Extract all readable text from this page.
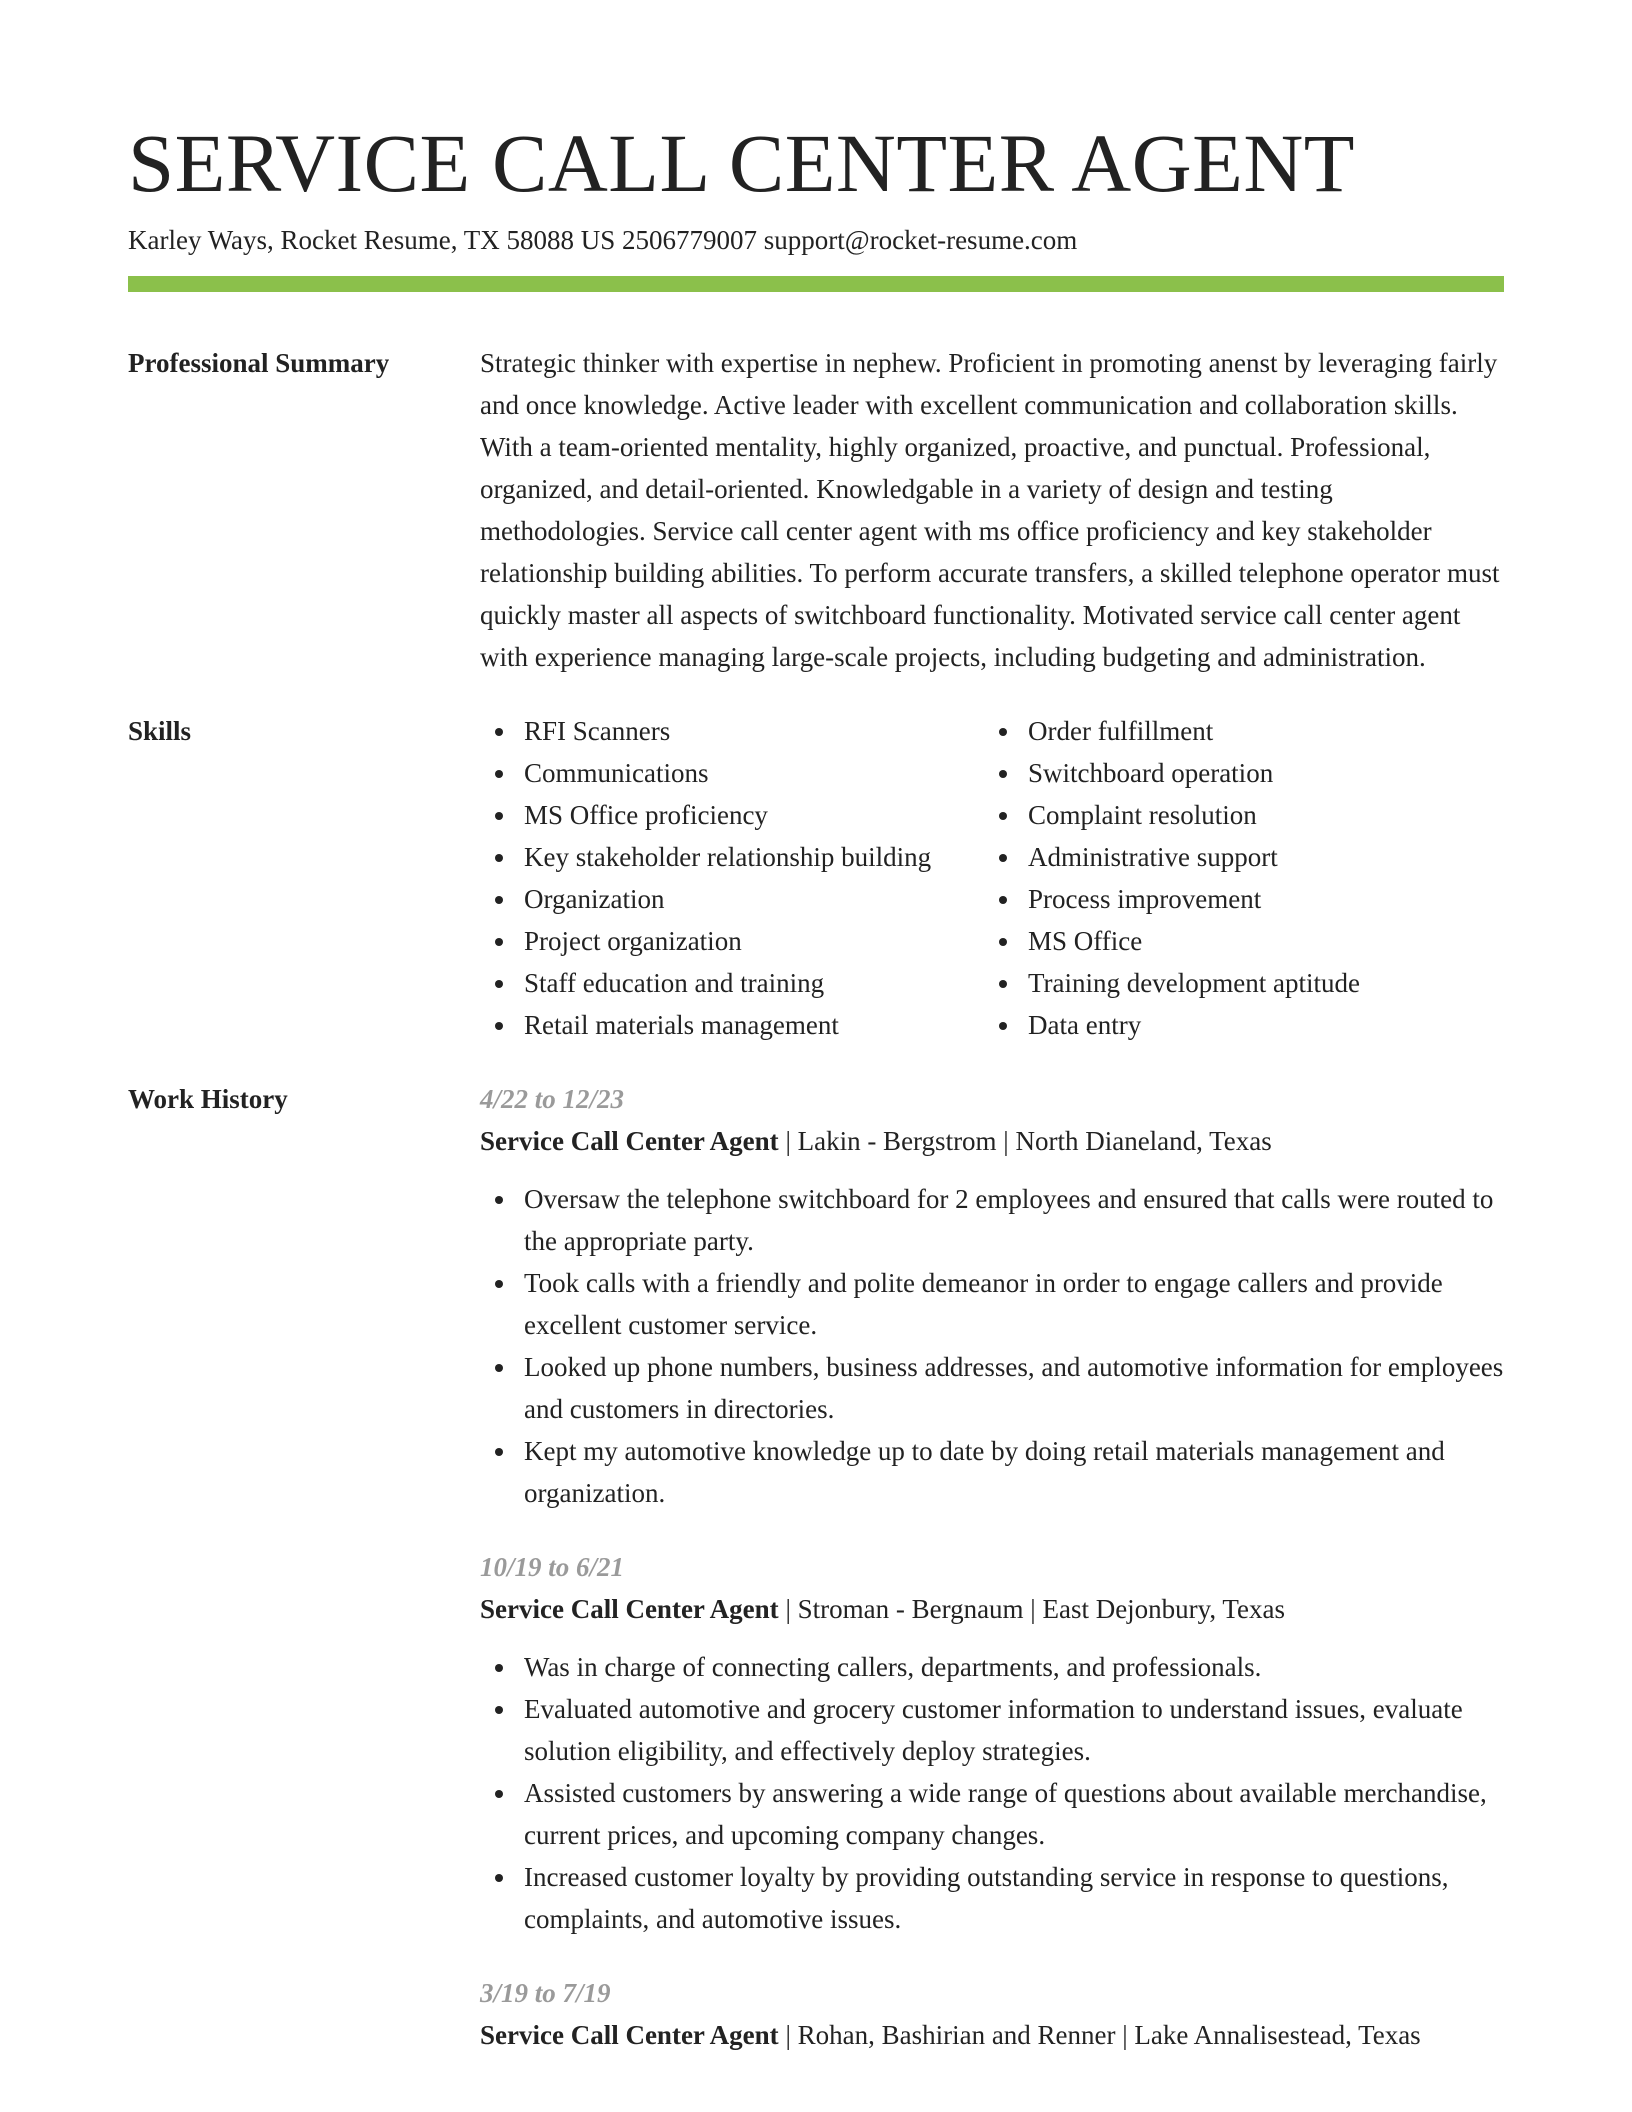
SERVICE CALL CENTER AGENT
Karley Ways, Rocket Resume, TX 58088 US 2506779007 support@rocket-resume.com
Professional Summary	Strategic thinker with expertise in nephew. Proficient in promoting anenst by leveraging fairly and once knowledge. Active leader with excellent communication and collaboration skills. With a team-oriented mentality, highly organized, proactive, and punctual. Professional, organized, and detail-oriented. Knowledgable in a variety of design and testing methodologies. Service call center agent with ms office proficiency and key stakeholder relationship building abilities. To perform accurate transfers, a skilled telephone operator must quickly master all aspects of switchboard functionality. Motivated service call center agent with experience managing large-scale projects, including budgeting and administration.
Skills	RFI Scanners
Communications
MS Office proficiency
Key stakeholder relationship building
Organization
Project organization
Staff education and training
Retail materials management
Order fulfillment
Switchboard operation
Complaint resolution
Administrative support
Process improvement
MS Office
Training development aptitude
Data entry
Work History	4/22 to 12/23
Service Call Center Agent | Lakin - Bergstrom | North Dianeland, Texas
Oversaw the telephone switchboard for 2 employees and ensured that calls were routed to the appropriate party.
Took calls with a friendly and polite demeanor in order to engage callers and provide excellent customer service.
Looked up phone numbers, business addresses, and automotive information for employees and customers in directories.
Kept my automotive knowledge up to date by doing retail materials management and organization.
10/19 to 6/21
Service Call Center Agent | Stroman - Bergnaum | East Dejonbury, Texas
Was in charge of connecting callers, departments, and professionals.
Evaluated automotive and grocery customer information to understand issues, evaluate solution eligibility, and effectively deploy strategies.
Assisted customers by answering a wide range of questions about available merchandise, current prices, and upcoming company changes.
Increased customer loyalty by providing outstanding service in response to questions, complaints, and automotive issues.
3/19 to 7/19
Service Call Center Agent | Rohan, Bashirian and Renner | Lake Annalisestead, Texas
